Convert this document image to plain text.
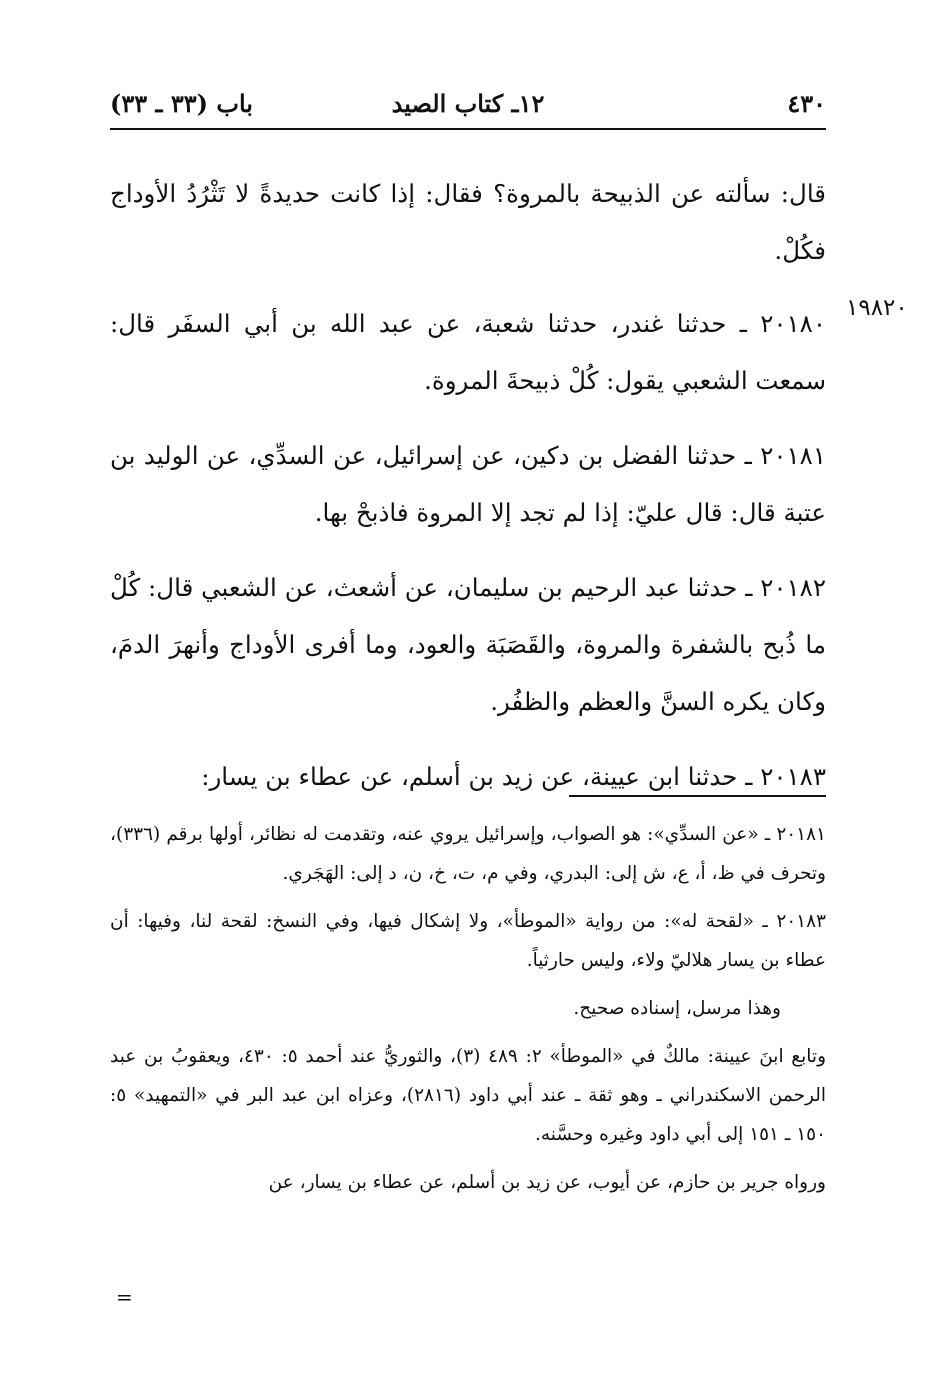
٤٣٠
١٢ـ كتاب الصيد
باب (٣٣ ـ ٣٣)
١٩٨٢٠

قال: سألته عن الذبيحة بالمروة؟ فقال: إذا كانت حديدةً لا تَثْرُدُ الأوداج فكُلْ.

٢٠١٨٠ ـ حدثنا غندر، حدثنا شعبة، عن عبد الله بن أبي السفَر قال: سمعت الشعبي يقول: كُلْ ذبيحةَ المروة.

٢٠١٨١ ـ حدثنا الفضل بن دكين، عن إسرائيل، عن السدِّي، عن الوليد بن عتبة قال: قال عليّ: إذا لم تجد إلا المروة فاذبحْ بها.

٢٠١٨٢ ـ حدثنا عبد الرحيم بن سليمان، عن أشعث، عن الشعبي قال: كُلْ ما ذُبح بالشفرة والمروة، والقَصَبَة والعود، وما أفرى الأوداج وأنهرَ الدمَ، وكان يكره السنَّ والعظم والظفُر.

٢٠١٨٣ ـ حدثنا ابن عيينة، عن زيد بن أسلم، عن عطاء بن يسار:

٢٠١٨١ ـ «عن السدِّي»: هو الصواب، وإسرائيل يروي عنه، وتقدمت له نظائر، أولها برقم (٣٣٦)، وتحرف في ظ، أ، ع، ش إلى: البدري، وفي م، ت، خ، ن، د إلى: الهَجَري.

٢٠١٨٣ ـ «لقحة له»: من رواية «الموطأ»، ولا إشكال فيها، وفي النسخ: لقحة لنا، وفيها: أن عطاء بن يسار هلاليّ ولاء، وليس حارثياً.

وهذا مرسل، إسناده صحيح.

وتابع ابنَ عيينة: مالكٌ في «الموطأ» ٢: ٤٨٩ (٣)، والثوريُّ عند أحمد ٥: ٤٣٠، ويعقوبُ بن عبد الرحمن الاسكندراني ـ وهو ثقة ـ عند أبي داود (٢٨١٦)، وعزاه ابن عبد البر في «التمهيد» ٥: ١٥٠ ـ ١٥١ إلى أبي داود وغيره وحسَّنه.

ورواه جرير بن حازم، عن أيوب، عن زيد بن أسلم، عن عطاء بن يسار، عن

=
